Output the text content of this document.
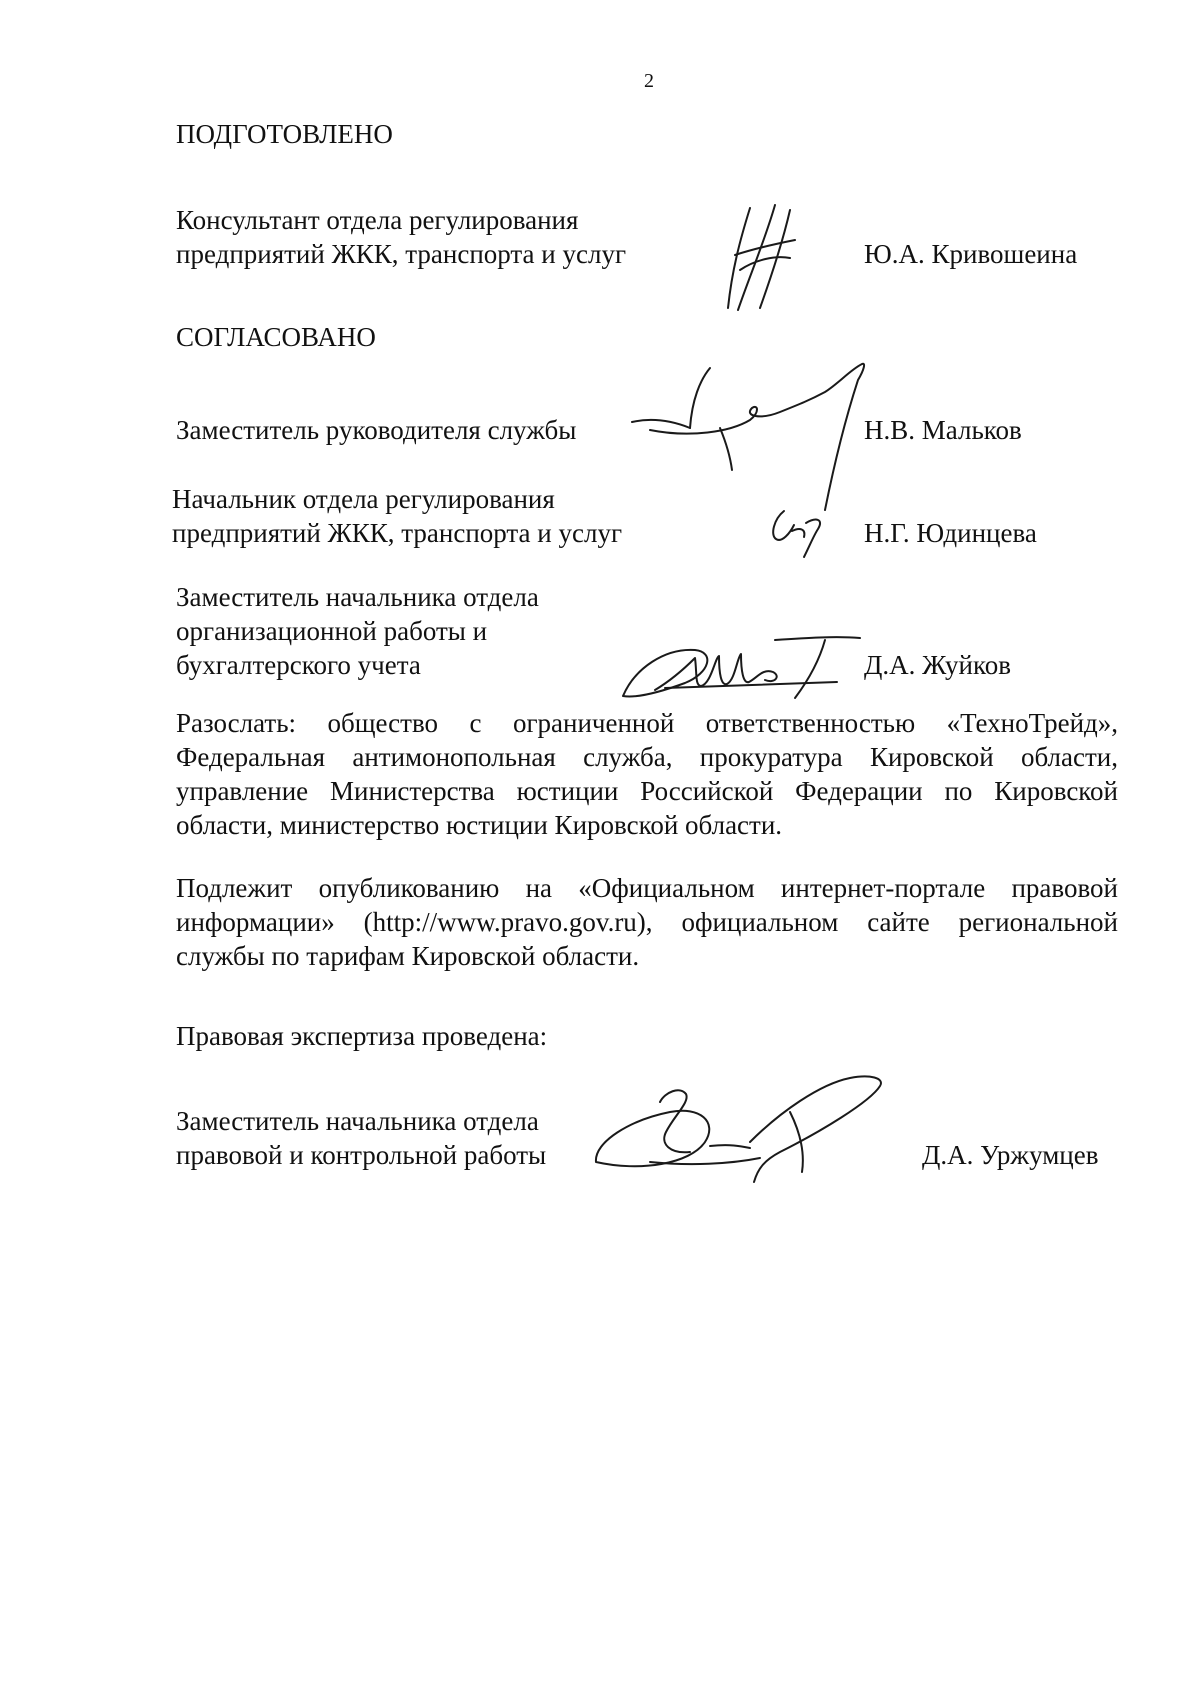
2
ПОДГОТОВЛЕНО
Консультант отдела регулирования
предприятий ЖКК, транспорта и услуг	Ю.А. Кривошеина
СОГЛАСОВАНО
Заместитель руководителя службы	Н.В. Мальков
Начальник отдела регулирования
предприятий ЖКК, транспорта и услуг	Н.Г. Юдинцева
Заместитель начальника отдела
организационной работы и
бухгалтерского учета	Д.А. Жуйков

Разослать: общество с ограниченной ответственностью «ТехноТрейд», Федеральная антимонопольная служба, прокуратура Кировской области, управление Министерства юстиции Российской Федерации по Кировской области, министерство юстиции Кировской области.

Подлежит опубликованию на «Официальном интернет-портале правовой информации» (http://www.pravo.gov.ru), официальном сайте региональной службы по тарифам Кировской области.

Правовая экспертиза проведена:
Заместитель начальника отдела
правовой и контрольной работы	Д.А. Уржумцев
